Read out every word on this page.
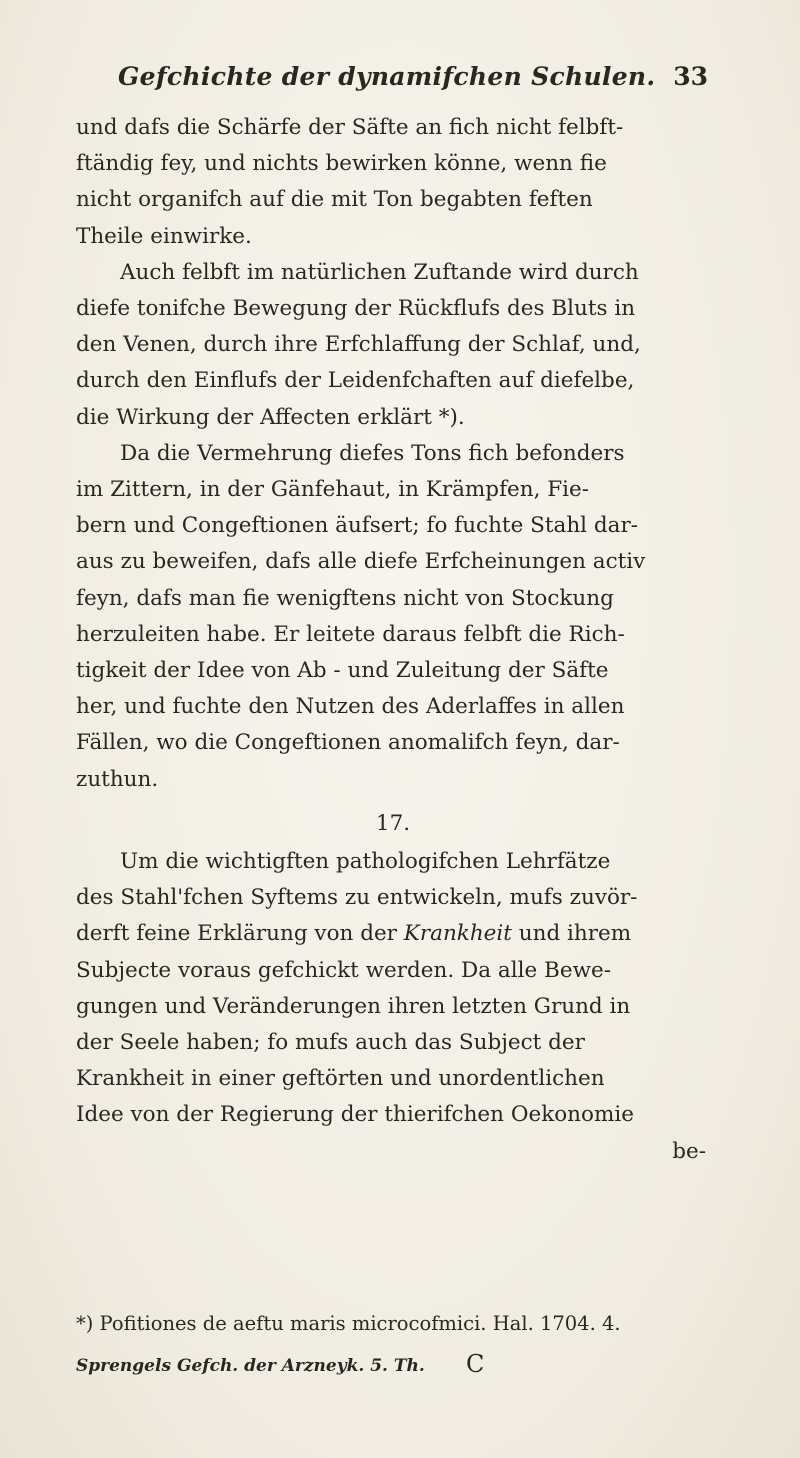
Gefchichte der dynamifchen Schulen. 33
und dafs die Schärfe der Säfte an fich nicht felbft-
ftändig fey, und nichts bewirken könne, wenn fie
nicht organifch auf die mit Ton begabten feften
Theile einwirke.
Auch felbft im natürlichen Zuftande wird durch
diefe tonifche Bewegung der Rückflufs des Bluts in
den Venen, durch ihre Erfchlaffung der Schlaf, und,
durch den Einflufs der Leidenfchaften auf diefelbe,
die Wirkung der Affecten erklärt *).
Da die Vermehrung diefes Tons fich befonders
im Zittern, in der Gänfehaut, in Krämpfen, Fie-
bern und Congeftionen äufsert; fo fuchte Stahl dar-
aus zu beweifen, dafs alle diefe Erfcheinungen activ
feyn, dafs man fie wenigftens nicht von Stockung
herzuleiten habe. Er leitete daraus felbft die Rich-
tigkeit der Idee von Ab - und Zuleitung der Säfte
her, und fuchte den Nutzen des Aderlaffes in allen
Fällen, wo die Congeftionen anomalifch feyn, dar-
zuthun.
17.
Um die wichtigften pathologifchen Lehrfätze
des Stahl'fchen Syftems zu entwickeln, mufs zuvör-
derft feine Erklärung von der Krankheit und ihrem
Subjecte voraus gefchickt werden. Da alle Bewe-
gungen und Veränderungen ihren letzten Grund in
der Seele haben; fo mufs auch das Subject der
Krankheit in einer geftörten und unordentlichen
Idee von der Regierung der thierifchen Oekonomie
be-
*) Pofitiones de aeftu maris microcofmici. Hal. 1704. 4.
Sprengels Gefch. der Arzneyk. 5. Th. C
